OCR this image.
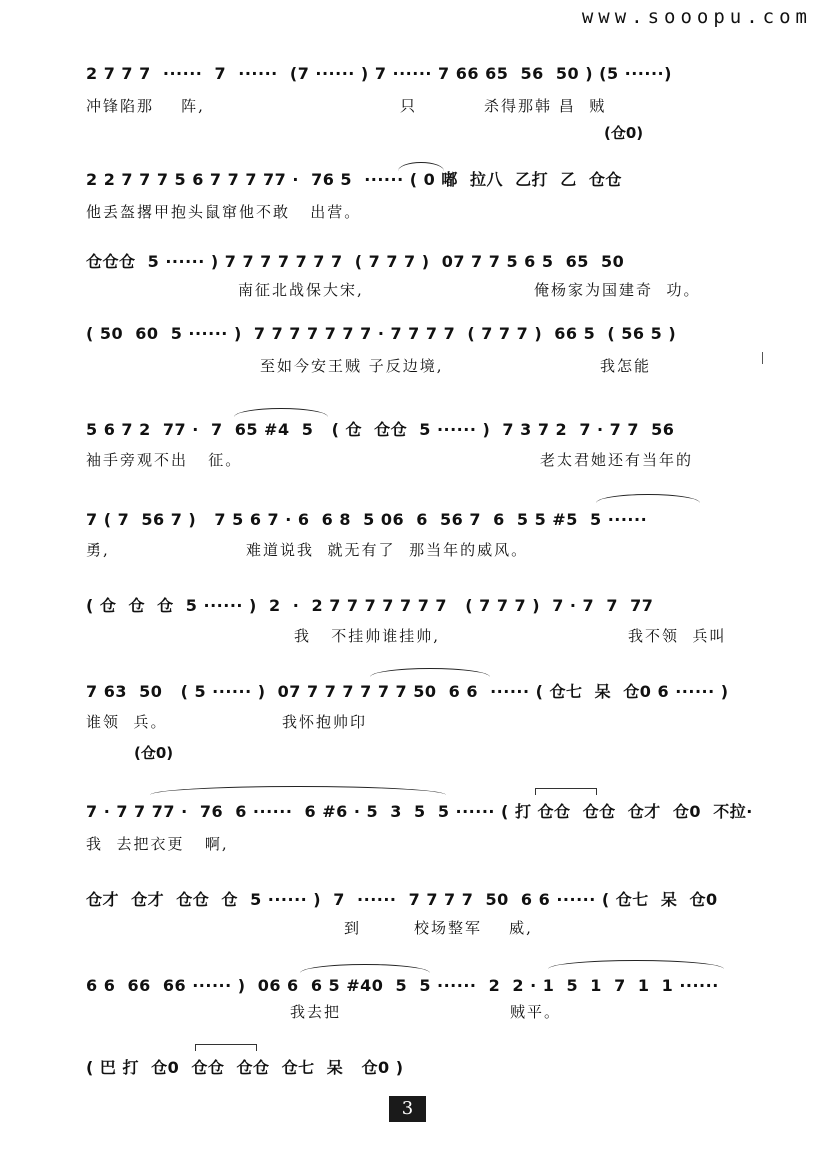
www.sooopu.com
2 7 7 7  ······  7  ······  (7 ······ ) 7 ······ 7 66 65  56  50 ) (5 ······)
冲锋陷那    阵,	只	杀得那韩 昌  贼
(仓0)
2 2 7 7 7 5 6 7 7 7 77 ·  76 5  ······ ( 0 嘟  拉八  乙打  乙  仓仓
他丢盔撂甲抱头鼠窜他不敢   出营。
仓仓仓  5 ······ ) 7 7 7 7 7 7 7  ( 7 7 7 )  07 7 7 5 6 5  65  50
南征北战保大宋,	俺杨家为国建奇  功。
( 50  60  5 ······ )  7 7 7 7 7 7 7 · 7 7 7 7  ( 7 7 7 )  66 5  ( 56 5 )
至如今安王贼 子反边境,	我怎能
5 6 7 2  77 ·  7  65 #4  5   ( 仓  仓仓  5 ······ )  7 3 7 2  7 · 7 7  56
袖手旁观不出   征。	老太君她还有当年的
7 ( 7  56 7 )   7 5 6 7 · 6  6 8  5 06  6  56 7  6  5 5 #5  5 ······
勇,	难道说我  就无有了  那当年的威风。
( 仓  仓  仓  5 ······ )  2  ·  2 7 7 7 7 7 7 7   ( 7 7 7 )  7 · 7  7  77
我   不挂帅谁挂帅,	我不领  兵叫
7 63  50   ( 5 ······ )  07 7 7 7 7 7 7 50  6 6  ······ ( 仓七  呆  仓0 6 ······ )
谁领  兵。	我怀抱帅印
(仓0)
7 · 7 7 77 ·  76  6 ······  6 #6 · 5  3  5  5 ······ ( 打 仓仓  仓仓  仓才  仓0  不拉·
我  去把衣更   啊,
仓才  仓才  仓仓  仓  5 ······ )  7  ······  7 7 7 7  50  6 6 ······ ( 仓七  呆  仓0
到	校场整军    威,
6 6  66  66 ······ )  06 6  6 5 #40  5  5 ······  2  2 · 1  5  1  7  1  1 ······
我去把	贼平。
( 巴 打  仓0  仓仓  仓仓  仓七  呆   仓0 )
3
